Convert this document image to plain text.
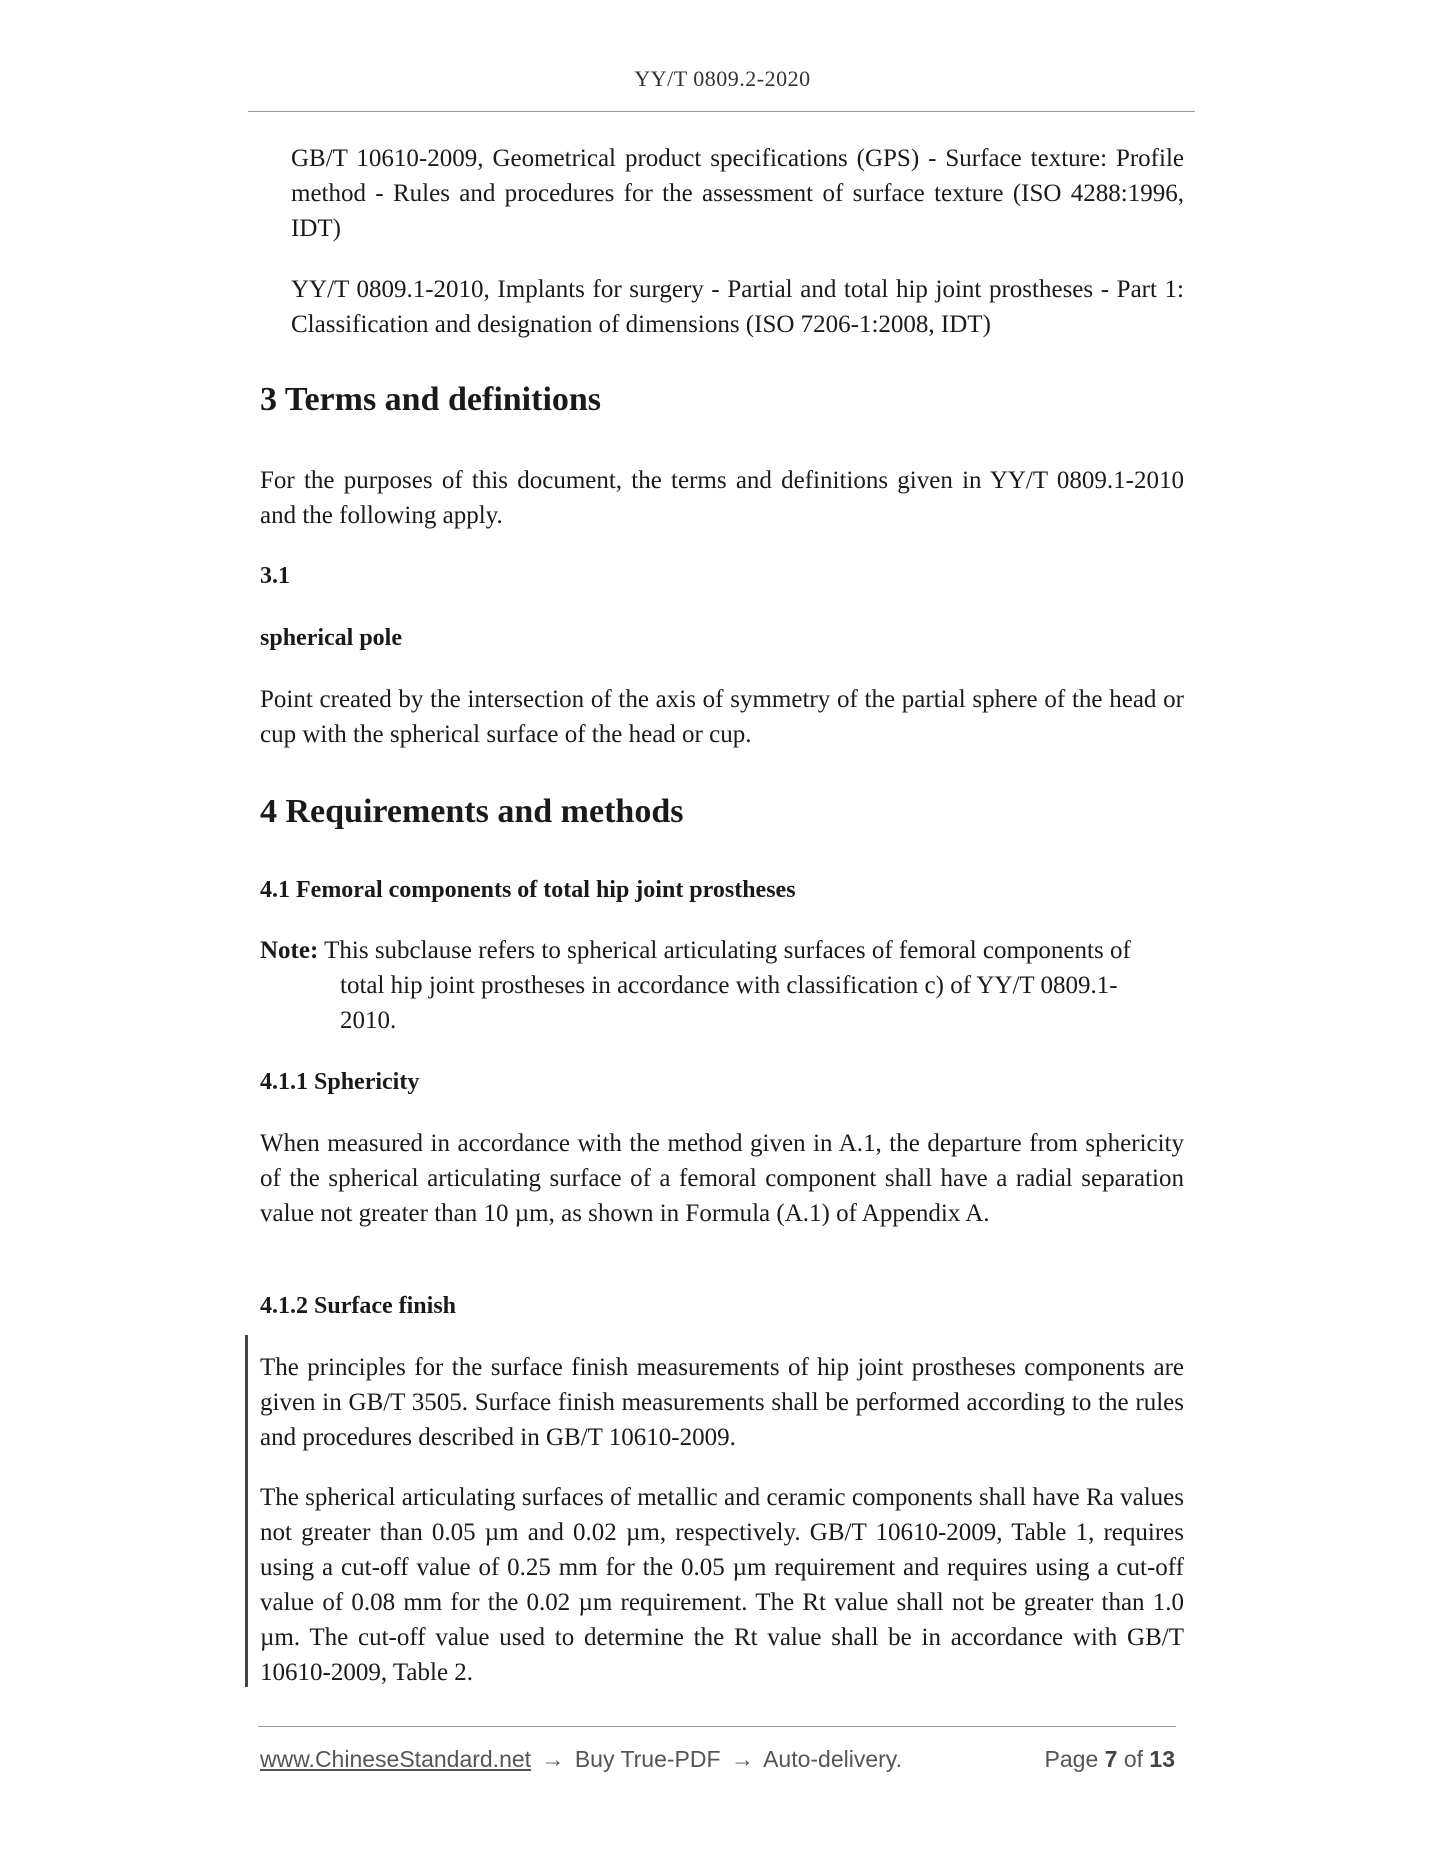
YY/T 0809.2-2020
GB/T 10610-2009, Geometrical product specifications (GPS) - Surface texture: Profile method - Rules and procedures for the assessment of surface texture (ISO 4288:1996, IDT)
YY/T 0809.1-2010, Implants for surgery - Partial and total hip joint prostheses - Part 1: Classification and designation of dimensions (ISO 7206-1:2008, IDT)
3 Terms and definitions
For the purposes of this document, the terms and definitions given in YY/T 0809.1-2010 and the following apply.
3.1
spherical pole
Point created by the intersection of the axis of symmetry of the partial sphere of the head or cup with the spherical surface of the head or cup.
4 Requirements and methods
4.1 Femoral components of total hip joint prostheses
Note: This subclause refers to spherical articulating surfaces of femoral components of
total hip joint prostheses in accordance with classification c) of YY/T 0809.1-
2010.
4.1.1 Sphericity
When measured in accordance with the method given in A.1, the departure from sphericity of the spherical articulating surface of a femoral component shall have a radial separation value not greater than 10 µm, as shown in Formula (A.1) of Appendix A.
4.1.2 Surface finish
The principles for the surface finish measurements of hip joint prostheses components are given in GB/T 3505. Surface finish measurements shall be performed according to the rules and procedures described in GB/T 10610-2009.
The spherical articulating surfaces of metallic and ceramic components shall have Ra values not greater than 0.05 µm and 0.02 µm, respectively. GB/T 10610-2009, Table 1, requires using a cut-off value of 0.25 mm for the 0.05 µm requirement and requires using a cut-off value of 0.08 mm for the 0.02 µm requirement. The Rt value shall not be greater than 1.0 µm. The cut-off value used to determine the Rt value shall be in accordance with GB/T 10610-2009, Table 2.
www.ChineseStandard.net → Buy True-PDF → Auto-delivery.	Page 7 of 13
